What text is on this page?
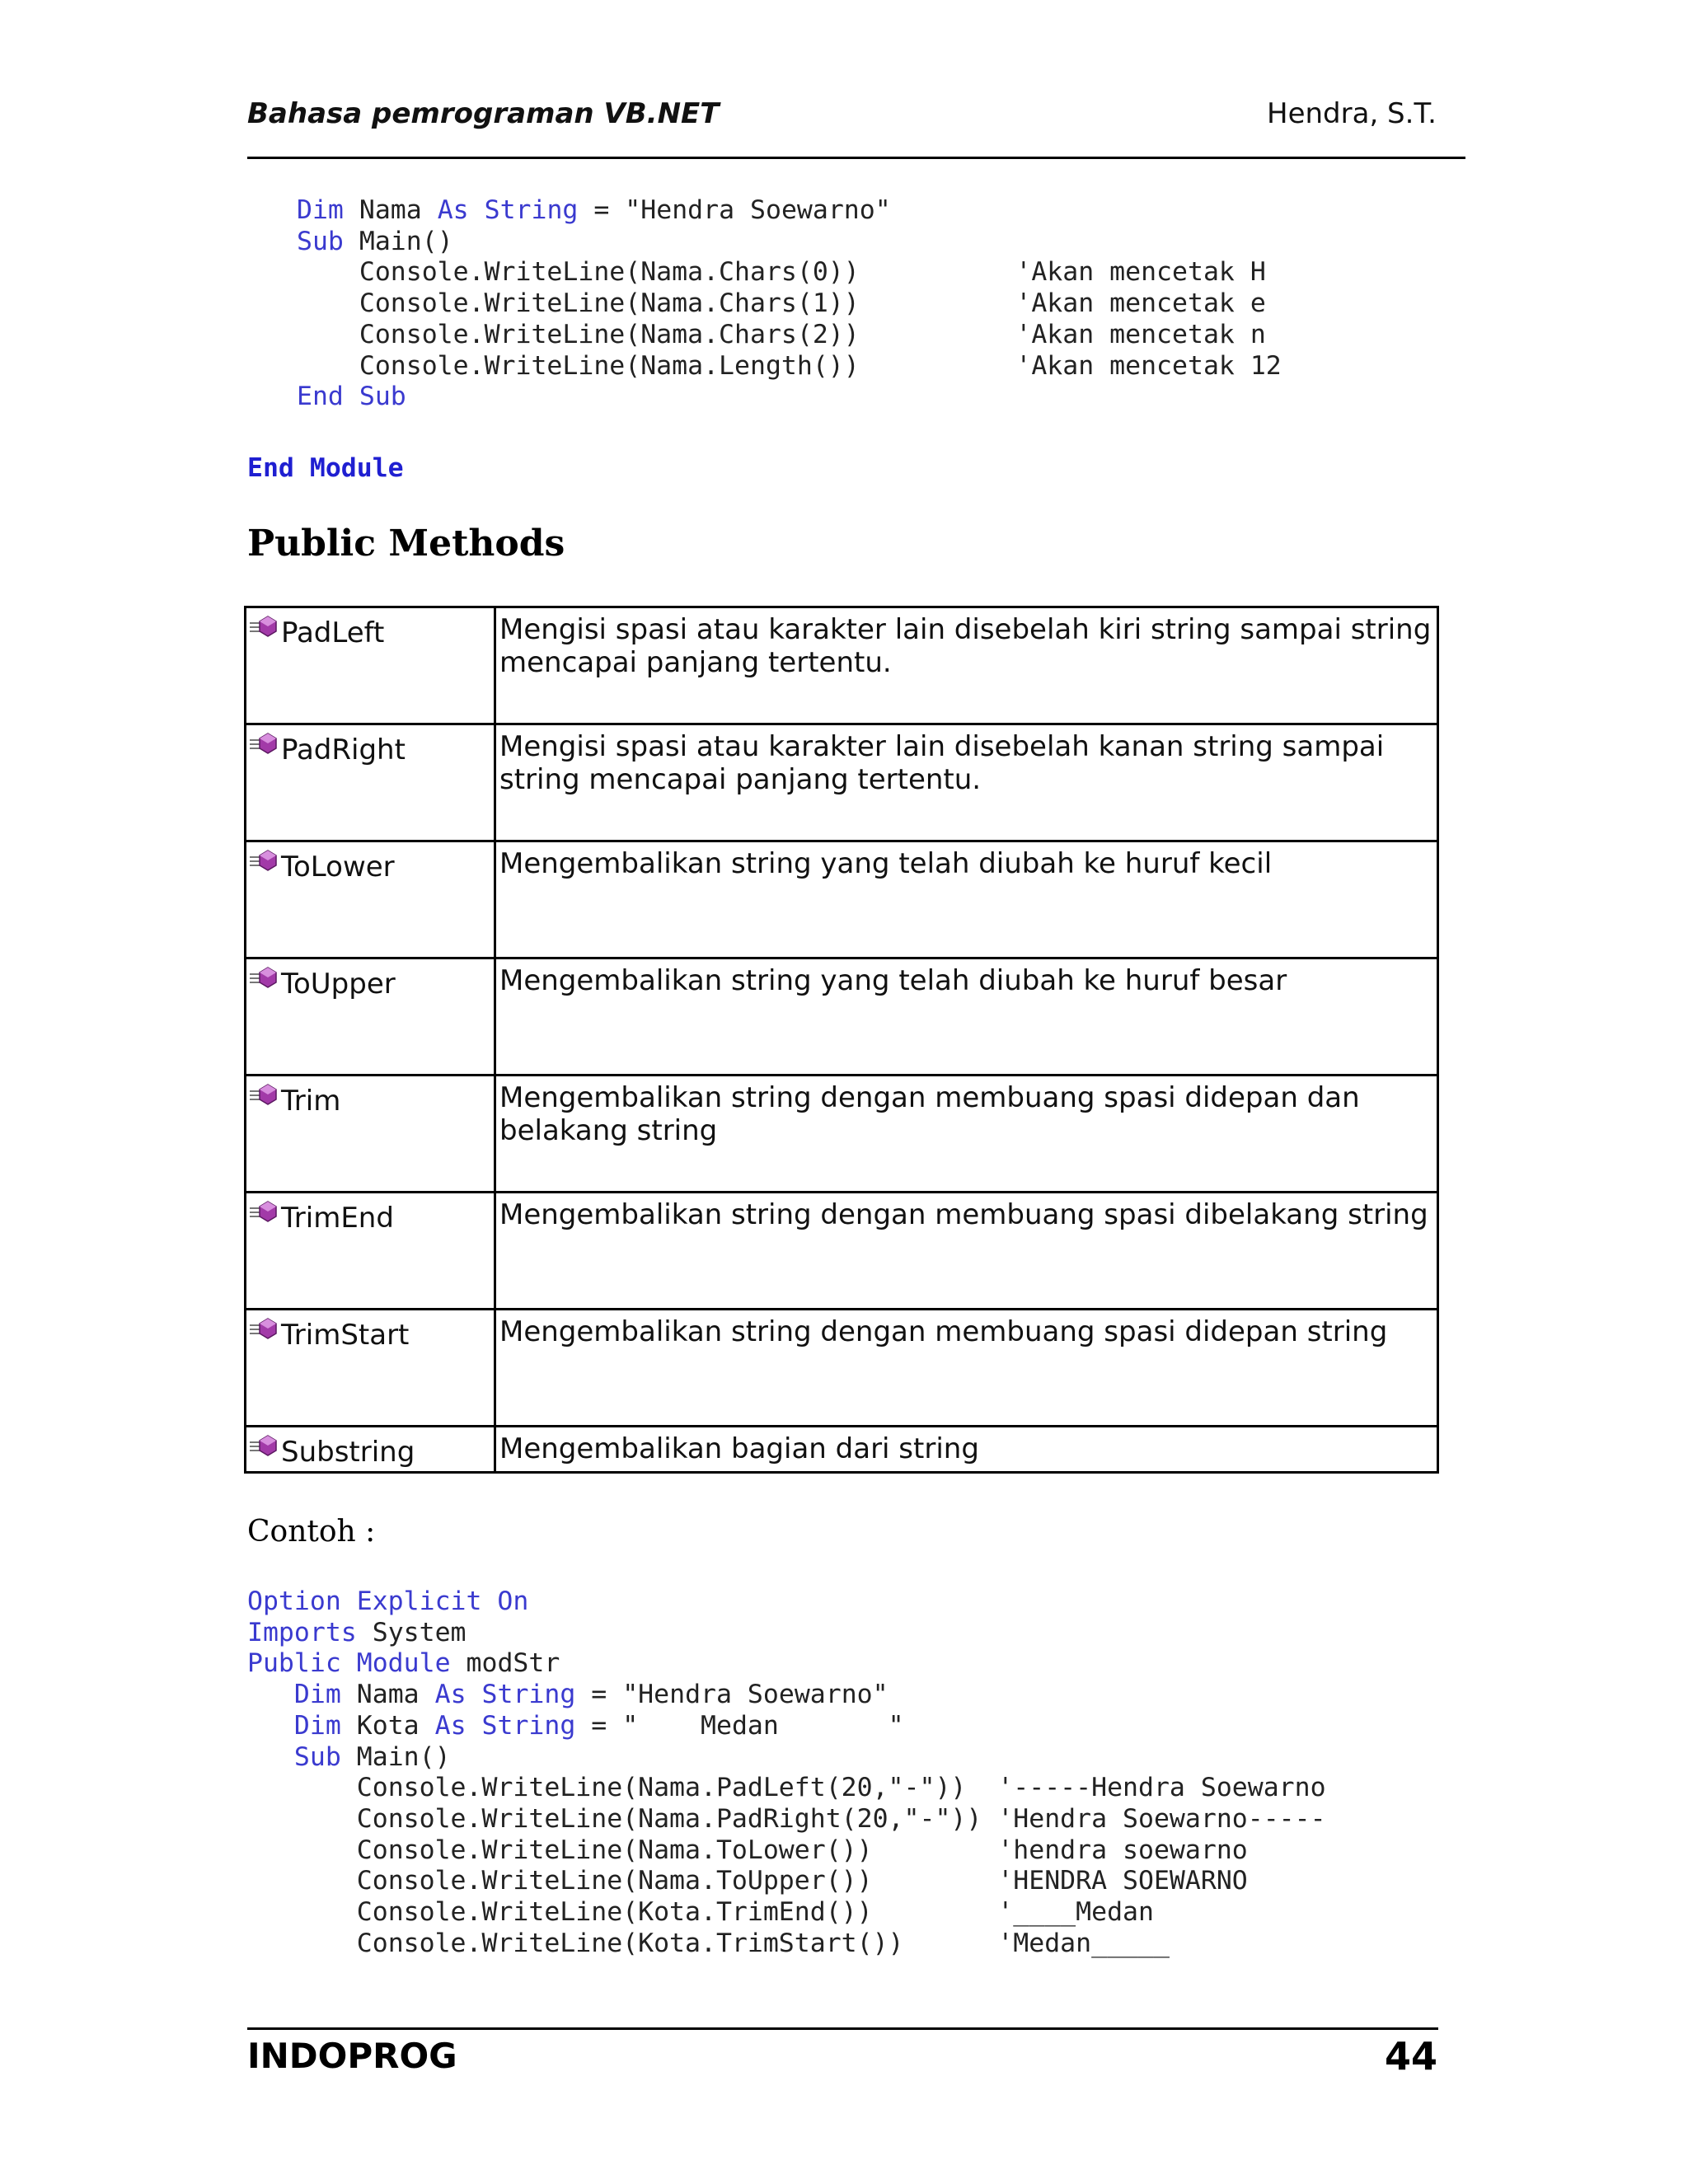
Bahasa pemrograman VB.NET	Hendra, S.T.
Dim Nama As String = "Hendra Soewarno"
Sub Main()
Console.WriteLine(Nama.Chars(0))          'Akan mencetak H
Console.WriteLine(Nama.Chars(1))          'Akan mencetak e
Console.WriteLine(Nama.Chars(2))          'Akan mencetak n
Console.WriteLine(Nama.Length())          'Akan mencetak 12
End Sub
End Module
Public Methods
PadLeft	Mengisi spasi atau karakter lain disebelah kiri string sampai string mencapai panjang tertentu.

PadRight	Mengisi spasi atau karakter lain disebelah kanan string sampai string mencapai panjang tertentu.

ToLower	Mengembalikan string yang telah diubah ke huruf kecil

ToUpper	Mengembalikan string yang telah diubah ke huruf besar

Trim	Mengembalikan string dengan membuang spasi didepan dan belakang string

TrimEnd	Mengembalikan string dengan membuang spasi dibelakang string

TrimStart	Mengembalikan string dengan membuang spasi didepan string

Substring	Mengembalikan bagian dari string
Contoh :
Option Explicit On
Imports System
Public Module modStr
Dim Nama As String = "Hendra Soewarno"
Dim Kota As String = "    Medan       "
Sub Main()
Console.WriteLine(Nama.PadLeft(20,"-"))  '-----Hendra Soewarno
Console.WriteLine(Nama.PadRight(20,"-")) 'Hendra Soewarno-----
Console.WriteLine(Nama.ToLower())        'hendra soewarno
Console.WriteLine(Nama.ToUpper())        'HENDRA SOEWARNO
Console.WriteLine(Kota.TrimEnd())        '____Medan
Console.WriteLine(Kota.TrimStart())      'Medan_____
INDOPROG	44
